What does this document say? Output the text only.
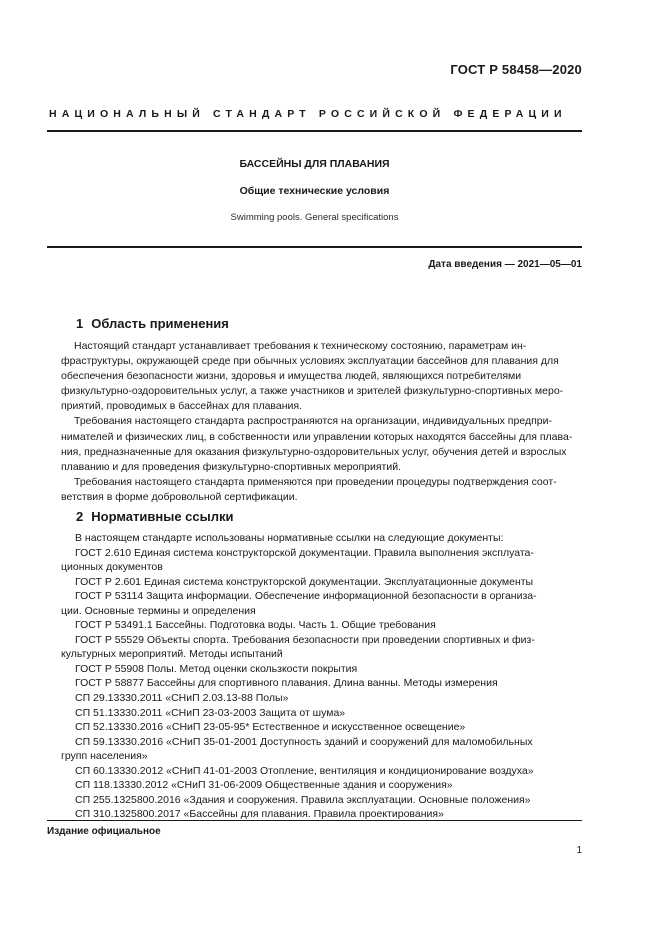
ГОСТ Р 58458—2020
НАЦИОНАЛЬНЫЙ СТАНДАРТ РОССИЙСКОЙ ФЕДЕРАЦИИ
БАССЕЙНЫ ДЛЯ ПЛАВАНИЯ
Общие технические условия
Swimming pools. General specifications
Дата введения — 2021—05—01
1 Область применения
Настоящий стандарт устанавливает требования к техническому состоянию, параметрам ин-
фраструктуры, окружающей среде при обычных условиях эксплуатации бассейнов для плавания для
обеспечения безопасности жизни, здоровья и имущества людей, являющихся потребителями
физкультурно-оздоровительных услуг, а также участников и зрителей физкультурно-спортивных меро-
приятий, проводимых в бассейнах для плавания.
Требования настоящего стандарта распространяются на организации, индивидуальных предпри-
нимателей и физических лиц, в собственности или управлении которых находятся бассейны для плава-
ния, предназначенные для оказания физкультурно-оздоровительных услуг, обучения детей и взрослых
плаванию и для проведения физкультурно-спортивных мероприятий.
Требования настоящего стандарта применяются при проведении процедуры подтверждения соот-
ветствия в форме добровольной сертификации.
2 Нормативные ссылки
В настоящем стандарте использованы нормативные ссылки на следующие документы:
ГОСТ 2.610 Единая система конструкторской документации. Правила выполнения эксплуата-
ционных документов
ГОСТ Р 2.601 Единая система конструкторской документации. Эксплуатационные документы
ГОСТ Р 53114 Защита информации. Обеспечение информационной безопасности в организа-
ции. Основные термины и определения
ГОСТ Р 53491.1 Бассейны. Подготовка воды. Часть 1. Общие требования
ГОСТ Р 55529 Объекты спорта. Требования безопасности при проведении спортивных и физ-
культурных мероприятий. Методы испытаний
ГОСТ Р 55908 Полы. Метод оценки скользкости покрытия
ГОСТ Р 58877 Бассейны для спортивного плавания. Длина ванны. Методы измерения
СП 29.13330.2011 «СНиП 2.03.13-88 Полы»
СП 51.13330.2011 «СНиП 23-03-2003 Защита от шума»
СП 52.13330.2016 «СНиП 23-05-95* Естественное и искусственное освещение»
СП 59.13330.2016 «СНиП 35-01-2001 Доступность зданий и сооружений для маломобильных
групп населения»
СП 60.13330.2012 «СНиП 41-01-2003 Отопление, вентиляция и кондиционирование воздуха»
СП 118.13330.2012 «СНиП 31-06-2009 Общественные здания и сооружения»
СП 255.1325800.2016 «Здания и сооружения. Правила эксплуатации. Основные положения»
СП 310.1325800.2017 «Бассейны для плавания. Правила проектирования»
Издание официальное
1
